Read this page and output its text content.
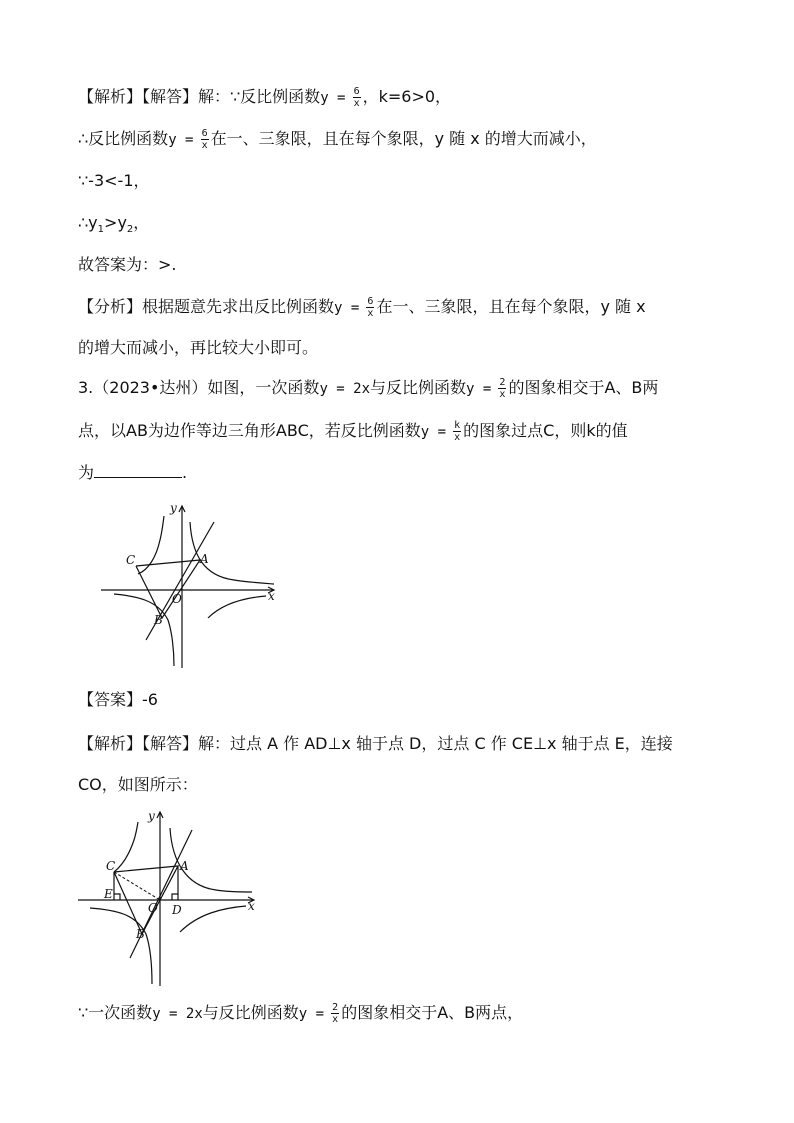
【解析】【解答】解：∵反比例函数$y = \frac{6}{x}$ ，k=6>0，
∴反比例函数$y = \frac{6}{x}$ 在一、三象限，且在每个象限，y 随 x 的增大而减小，
∵-3<-1，
$\therefore y_1>y_2$，
故答案为：>.
【分析】根据题意先求出反比例函数$y = \frac{6}{x}$ 在一、三象限，且在每个象限，y 随 x
的增大而减小，再比较大小即可。
3.（2023•达州）如图，一次函数y = 2x与反比例函数$y = \frac{2}{x}$ 的图象相交于A、B两
点，以AB为边作等边三角形ABC，若反比例函数$y = \frac{k}{x}$ 的图象过点C，则k的值
为	.
O
A
B
C
x
y
【答案】-6
【解析】【解答】解：过点 A 作 AD⊥x 轴于点 D，过点 C 作 CE⊥x 轴于点 E，连接
CO，如图所示：
C	A
B
E
O D	x
y
∵一次函数y = 2x与反比例函数$y = \frac{2}{x}$ 的图象相交于A、B两点，
